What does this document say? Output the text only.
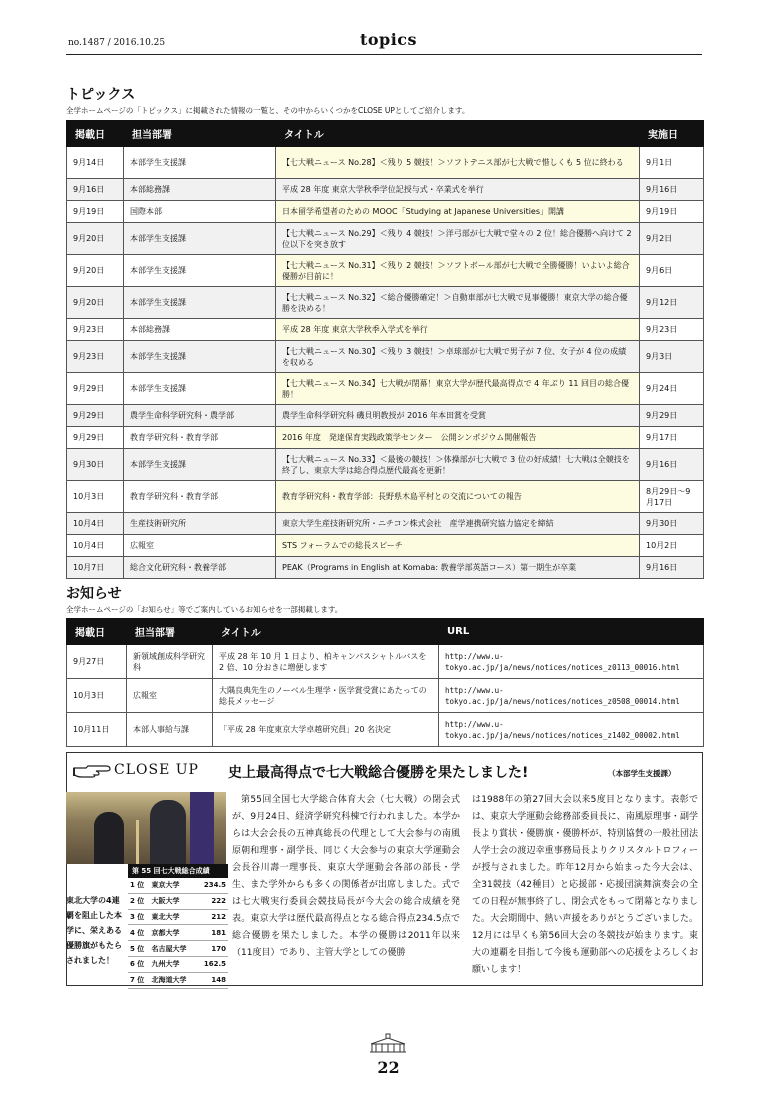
no.1487 / 2016.10.25	topics
トピックス
全学ホームページの「トピックス」に掲載された情報の一覧と、その中からいくつかをCLOSE UPとしてご紹介します。
掲載日	担当部署	タイトル	実施日
9月14日	本部学生支援課	【七大戦ニュース No.28】＜残り 5 競技！＞ソフトテニス部が七大戦で惜しくも 5 位に終わる	9月1日
9月16日	本部総務課	平成 28 年度 東京大学秋季学位記授与式・卒業式を挙行	9月16日
9月19日	国際本部	日本留学希望者のための MOOC「Studying at Japanese Universities」開講	9月19日
9月20日	本部学生支援課	【七大戦ニュース No.29】＜残り 4 競技！＞洋弓部が七大戦で堂々の 2 位！総合優勝へ向けて 2 位以下を突き放す	9月2日
9月20日	本部学生支援課	【七大戦ニュース No.31】＜残り 2 競技！＞ソフトボール部が七大戦で全勝優勝！いよいよ総合優勝が目前に！	9月6日
9月20日	本部学生支援課	【七大戦ニュース No.32】＜総合優勝確定！＞自動車部が七大戦で見事優勝！東京大学の総合優勝を決める！	9月12日
9月23日	本部総務課	平成 28 年度 東京大学秋季入学式を挙行	9月23日
9月23日	本部学生支援課	【七大戦ニュース No.30】＜残り 3 競技！＞卓球部が七大戦で男子が 7 位、女子が 4 位の成績を収める	9月3日
9月29日	本部学生支援課	【七大戦ニュース No.34】七大戦が閉幕！東京大学が歴代最高得点で 4 年ぶり 11 回目の総合優勝！	9月24日
9月29日	農学生命科学研究科・農学部	農学生命科学研究科 磯貝明教授が 2016 年本田賞を受賞	9月29日
9月29日	教育学研究科・教育学部	2016 年度　発達保育実践政策学センター　公開シンポジウム開催報告	9月17日
9月30日	本部学生支援課	【七大戦ニュース No.33】＜最後の競技！＞体操部が七大戦で 3 位の好成績！七大戦は全競技を終了し、東京大学は総合得点歴代最高を更新！	9月16日
10月3日	教育学研究科・教育学部	教育学研究科・教育学部：長野県木島平村との交流についての報告	8月29日～9月17日
10月4日	生産技術研究所	東京大学生産技術研究所・ニチコン株式会社　産学連携研究協力協定を締結	9月30日
10月4日	広報室	STS フォーラムでの総長スピーチ	10月2日
10月7日	総合文化研究科・教養学部	PEAK（Programs in English at Komaba: 教養学部英語コース）第一期生が卒業	9月16日
お知らせ
全学ホームページの「お知らせ」等でご案内しているお知らせを一部掲載します。
掲載日	担当部署	タイトル	URL
9月27日	新領域創成科学研究科	平成 28 年 10 月 1 日より、柏キャンパスシャトルバスを 2 倍、10 分おきに増便します	http://www.u-tokyo.ac.jp/ja/news/notices/notices_z0113_00016.html
10月3日	広報室	大隅良典先生のノーベル生理学・医学賞受賞にあたっての総長メッセージ	http://www.u-tokyo.ac.jp/ja/news/notices/notices_z0508_00014.html
10月11日	本部人事給与課	「平成 28 年度東京大学卓越研究員」20 名決定	http://www.u-tokyo.ac.jp/ja/news/notices/notices_z1402_00002.html
CLOSE UP 史上最高得点で七大戦総合優勝を果たしました!	（本部学生支援課）
東北大学の4連覇を阻止した本学に、栄えある優勝旗がもたらされました！
第 55 回七大戦総合成績
1 位	東京大学	234.5
2 位	大阪大学	222
3 位	東北大学	212
4 位	京都大学	181
5 位	名古屋大学	170
6 位	九州大学	162.5
7 位	北海道大学	148
第55回全国七大学総合体育大会（七大戦）の閉会式が、9月24日、経済学研究科棟で行われました。本学からは大会会長の五神真総長の代理として大会参与の南風原朝和理事・副学長、同じく大会参与の東京大学運動会会長谷川壽一理事長、東京大学運動会各部の部長・学生、また学外からも多くの関係者が出席しました。式では七大戦実行委員会競技局長が今大会の総合成績を発表。東京大学は歴代最高得点となる総合得点234.5点で総合優勝を果たしました。本学の優勝は2011年以来（11度目）であり、主管大学としての優勝
は1988年の第27回大会以来5度目となります。表彰では、東京大学運動会総務部委員長に、南風原理事・副学長より賞状・優勝旗・優勝杯が、特別協賛の一般社団法人学士会の渡辺幸重事務局長よりクリスタルトロフィーが授与されました。昨年12月から始まった今大会は、全31競技（42種目）と応援部・応援団演舞演奏会の全ての日程が無事終了し、閉会式をもって閉幕となりました。大会期間中、熱い声援をありがとうございました。12月には早くも第56回大会の冬競技が始まります。東大の連覇を目指して今後も運動部への応援をよろしくお願いします！
22
